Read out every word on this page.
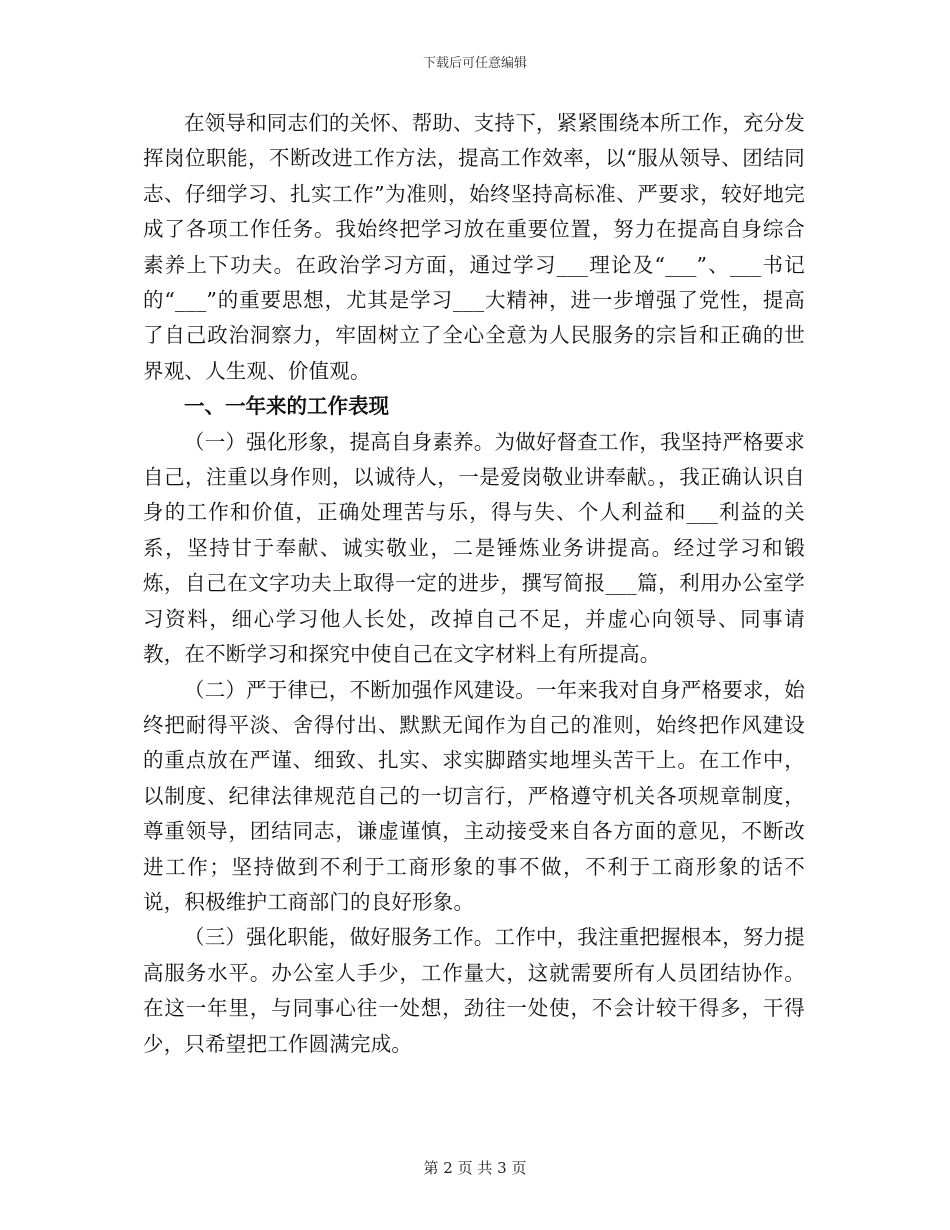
下载后可任意编辑

在领导和同志们的关怀、帮助、支持下，紧紧围绕本所工作，充分发挥岗位职能，不断改进工作方法，提高工作效率，以“服从领导、团结同志、仔细学习、扎实工作”为准则，始终坚持高标准、严要求，较好地完成了各项工作任务。我始终把学习放在重要位置，努力在提高自身综合素养上下功夫。在政治学习方面，通过学习___理论及“___”、___书记的“___”的重要思想，尤其是学习___大精神，进一步增强了党性，提高了自己政治洞察力，牢固树立了全心全意为人民服务的宗旨和正确的世界观、人生观、价值观。

一、一年来的工作表现

（一）强化形象，提高自身素养。为做好督查工作，我坚持严格要求自己，注重以身作则，以诚待人，一是爱岗敬业讲奉献。，我正确认识自身的工作和价值，正确处理苦与乐，得与失、个人利益和___利益的关系，坚持甘于奉献、诚实敬业，二是锤炼业务讲提高。经过学习和锻炼，自己在文字功夫上取得一定的进步，撰写简报___篇，利用办公室学习资料，细心学习他人长处，改掉自己不足，并虚心向领导、同事请教，在不断学习和探究中使自己在文字材料上有所提高。

（二）严于律已，不断加强作风建设。一年来我对自身严格要求，始终把耐得平淡、舍得付出、默默无闻作为自己的准则，始终把作风建设的重点放在严谨、细致、扎实、求实脚踏实地埋头苦干上。在工作中，以制度、纪律法律规范自己的一切言行，严格遵守机关各项规章制度，尊重领导，团结同志，谦虚谨慎，主动接受来自各方面的意见，不断改进工作；坚持做到不利于工商形象的事不做，不利于工商形象的话不说，积极维护工商部门的良好形象。

（三）强化职能，做好服务工作。工作中，我注重把握根本，努力提高服务水平。办公室人手少，工作量大，这就需要所有人员团结协作。在这一年里，与同事心往一处想，劲往一处使，不会计较干得多，干得少，只希望把工作圆满完成。

第 2 页 共 3 页
